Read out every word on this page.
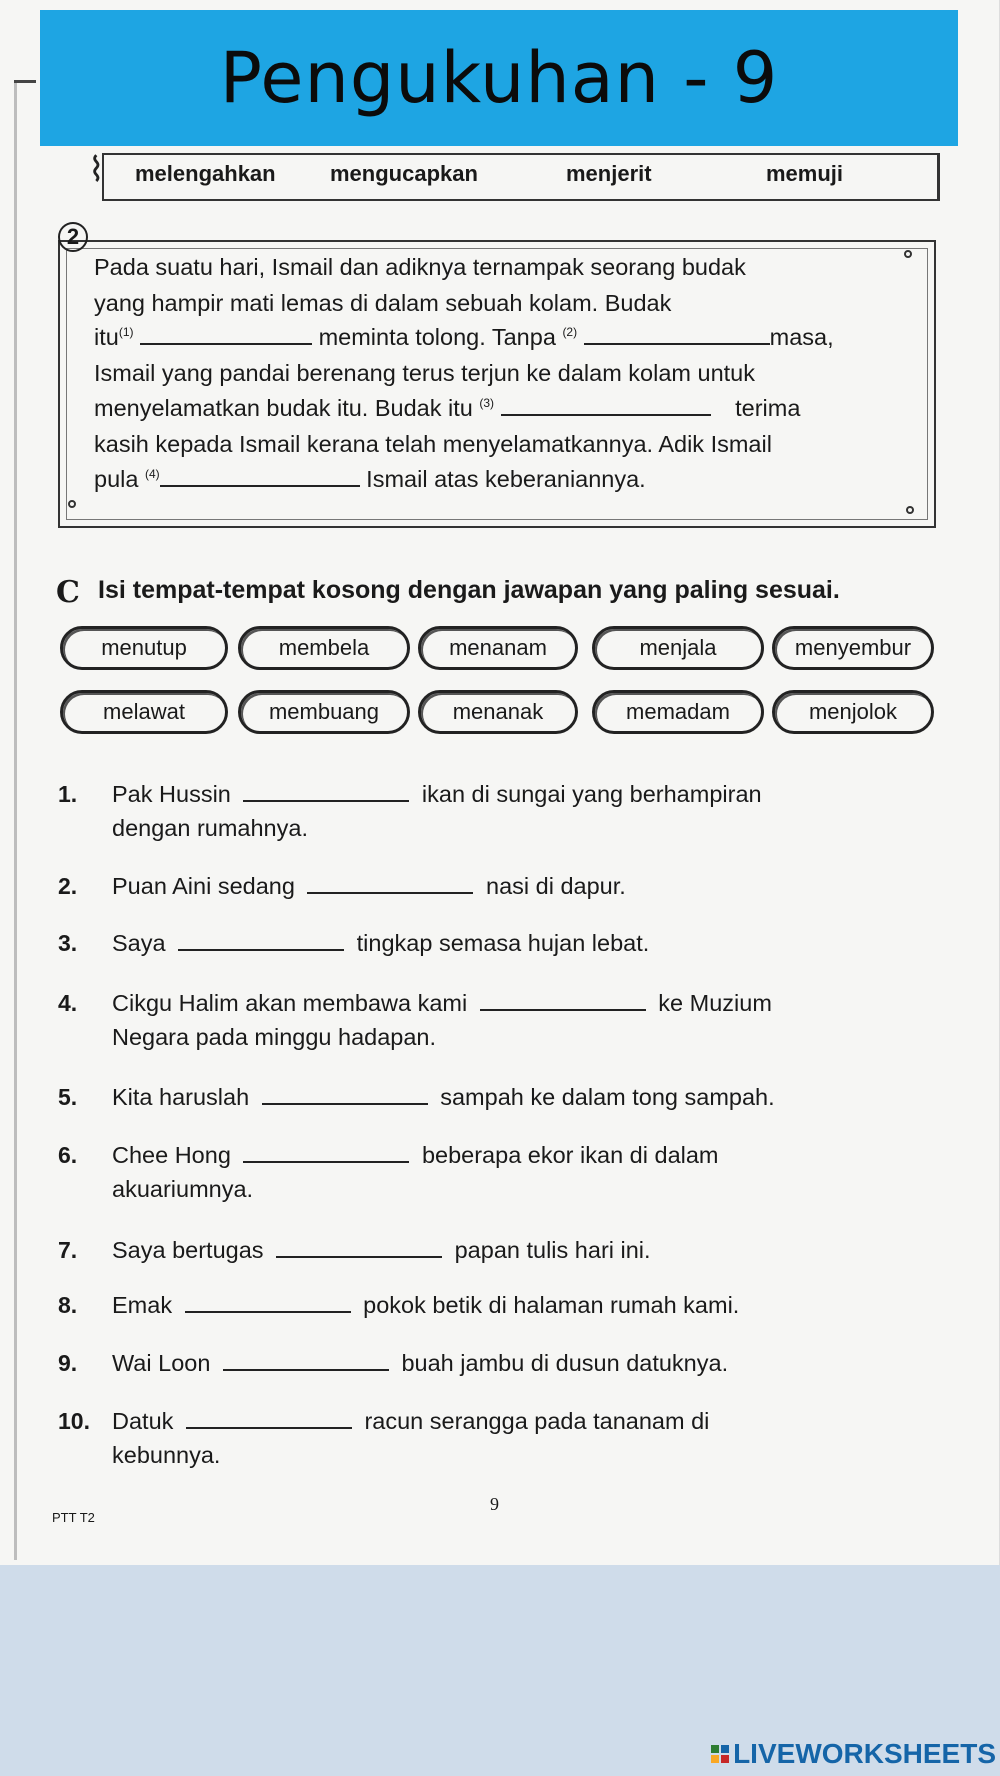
Pengukuhan - 9
⌇	melengahkan mengucapkan	menjerit	memuji
2
Pada suatu hari, Ismail dan adiknya ternampak seorang budak
yang hampir mati lemas di dalam sebuah kolam. Budak
itu$^{(1)}$	meminta tolong. Tanpa $^{(2)}$	masa,
Ismail yang pandai berenang terus terjun ke dalam kolam untuk
menyelamatkan budak itu. Budak itu $^{(3)}$	terima
kasih kepada Ismail kerana telah menyelamatkannya. Adik Ismail
pula $^{(4)}$	Ismail atas keberaniannya.
C Isi tempat-tempat kosong dengan jawapan yang paling sesuai.
menutup	membela	menanam	menjala	menyembur
melawat	membuang	menanak	memadam	menjolok
1. Pak Hussin	ikan di sungai yang berhampiran
dengan rumahnya.
2. Puan Aini sedang	nasi di dapur.
3. Saya	tingkap semasa hujan lebat.
4. Cikgu Halim akan membawa kami	ke Muzium
Negara pada minggu hadapan.
5. Kita haruslah	sampah ke dalam tong sampah.
6. Chee Hong	beberapa ekor ikan di dalam
akuariumnya.
7. Saya bertugas	papan tulis hari ini.
8. Emak	pokok betik di halaman rumah kami.
9. Wai Loon	buah jambu di dusun datuknya.
10. Datuk	racun serangga pada tananam di
kebunnya.
PTT T2
9
LIVEWORKSHEETS
